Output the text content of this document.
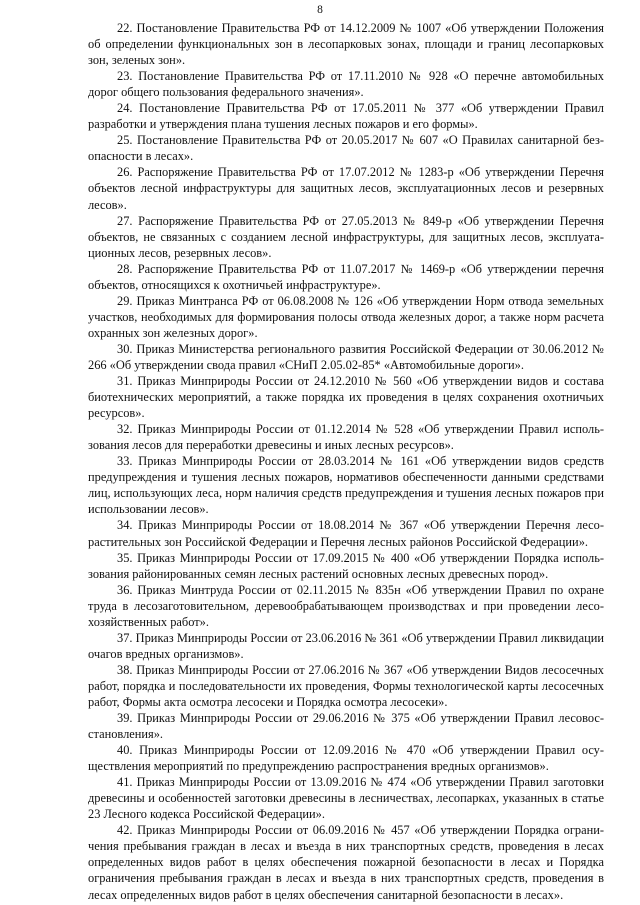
8

22. Постановление Правительства РФ от 14.12.2009 № 1007 «Об утверждении Положения об определении функциональных зон в лесопарковых зонах, площади и границ лесопарковых зон, зеленых зон».

23. Постановление Правительства РФ от 17.11.2010 № 928 «О перечне автомобильных дорог общего пользования федерального значения».

24. Постановление Правительства РФ от 17.05.2011 № 377 «Об утверждении Правил разработки и утверждения плана тушения лесных пожаров и его формы».

25. Постановление Правительства РФ от 20.05.2017 № 607 «О Правилах санитарной безопасности в лесах».

26. Распоряжение Правительства РФ от 17.07.2012 № 1283-р «Об утверждении Перечня объектов лесной инфраструктуры для защитных лесов, эксплуатационных лесов и резервных лесов».

27. Распоряжение Правительства РФ от 27.05.2013 № 849-р «Об утверждении Перечня объектов, не связанных с созданием лесной инфраструктуры, для защитных лесов, эксплуатационных лесов, резервных лесов».

28. Распоряжение Правительства РФ от 11.07.2017 № 1469-р «Об утверждении перечня объектов, относящихся к охотничьей инфраструктуре».

29. Приказ Минтранса РФ от 06.08.2008 № 126 «Об утверждении Норм отвода земельных участков, необходимых для формирования полосы отвода железных дорог, а также норм расчета охранных зон железных дорог».

30. Приказ Министерства регионального развития Российской Федерации от 30.06.2012 № 266 «Об утверждении свода правил «СНиП 2.05.02-85* «Автомобильные дороги».

31. Приказ Минприроды России от 24.12.2010 № 560 «Об утверждении видов и состава биотехнических мероприятий, а также порядка их проведения в целях сохранения охотничьих ресурсов».

32. Приказ Минприроды России от 01.12.2014 № 528 «Об утверждении Правил использования лесов для переработки древесины и иных лесных ресурсов».

33. Приказ Минприроды России от 28.03.2014 № 161 «Об утверждении видов средств предупреждения и тушения лесных пожаров, нормативов обеспеченности данными средствами лиц, использующих леса, норм наличия средств предупреждения и тушения лесных пожаров при использовании лесов».

34. Приказ Минприроды России от 18.08.2014 № 367 «Об утверждении Перечня лесорастительных зон Российской Федерации и Перечня лесных районов Российской Федерации».

35. Приказ Минприроды России от 17.09.2015 № 400 «Об утверждении Порядка использования районированных семян лесных растений основных лесных древесных пород».

36. Приказ Минтруда России от 02.11.2015 № 835н «Об утверждении Правил по охране труда в лесозаготовительном, деревообрабатывающем производствах и при проведении лесохозяйственных работ».

37. Приказ Минприроды России от 23.06.2016 № 361 «Об утверждении Правил ликвидации очагов вредных организмов».

38. Приказ Минприроды России от 27.06.2016 № 367 «Об утверждении Видов лесосечных работ, порядка и последовательности их проведения, Формы технологической карты лесосечных работ, Формы акта осмотра лесосеки и Порядка осмотра лесосеки».

39. Приказ Минприроды России от 29.06.2016 № 375 «Об утверждении Правил лесовосстановления».

40. Приказ Минприроды России от 12.09.2016 № 470 «Об утверждении Правил осуществления мероприятий по предупреждению распространения вредных организмов».

41. Приказ Минприроды России от 13.09.2016 № 474 «Об утверждении Правил заготовки древесины и особенностей заготовки древесины в лесничествах, лесопарках, указанных в статье 23 Лесного кодекса Российской Федерации».

42. Приказ Минприроды России от 06.09.2016 № 457 «Об утверждении Порядка ограничения пребывания граждан в лесах и въезда в них транспортных средств, проведения в лесах определенных видов работ в целях обеспечения пожарной безопасности в лесах и Порядка ограничения пребывания граждан в лесах и въезда в них транспортных средств, проведения в лесах определенных видов работ в целях обеспечения санитарной безопасности в лесах».
